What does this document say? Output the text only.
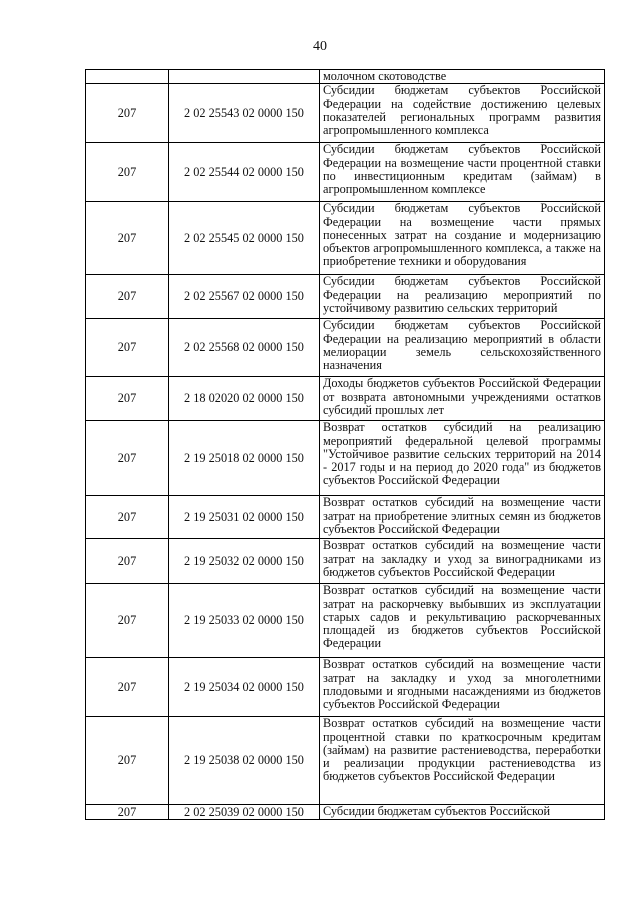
40
		молочном скотоводстве
207	2 02 25543 02 0000 150	Субсидии бюджетам субъектов Российской Федерации на содействие достижению целевых показателей региональных программ развития агропромышленного комплекса
207	2 02 25544 02 0000 150	Субсидии бюджетам субъектов Российской Федерации на возмещение части процентной ставки по инвестиционным кредитам (займам) в агропромышленном комплексе
207	2 02 25545 02 0000 150	Субсидии бюджетам субъектов Российской Федерации на возмещение части прямых понесенных затрат на создание и модернизацию объектов агропромышленного комплекса, а также на приобретение техники и оборудования
207	2 02 25567 02 0000 150	Субсидии бюджетам субъектов Российской Федерации на реализацию мероприятий по устойчивому развитию сельских территорий
207	2 02 25568 02 0000 150	Субсидии бюджетам субъектов Российской Федерации на реализацию мероприятий в области мелиорации земель сельскохозяйственного назначения
207	2 18 02020 02 0000 150	Доходы бюджетов субъектов Российской Федерации от возврата автономными учреждениями остатков субсидий прошлых лет
207	2 19 25018 02 0000 150	Возврат остатков субсидий на реализацию мероприятий федеральной целевой программы "Устойчивое развитие сельских территорий на 2014 - 2017 годы и на период до 2020 года" из бюджетов субъектов Российской Федерации
207	2 19 25031 02 0000 150	Возврат остатков субсидий на возмещение части затрат на приобретение элитных семян из бюджетов субъектов Российской Федерации
207	2 19 25032 02 0000 150	Возврат остатков субсидий на возмещение части затрат на закладку и уход за виноградниками из бюджетов субъектов Российской Федерации
207	2 19 25033 02 0000 150	Возврат остатков субсидий на возмещение части затрат на раскорчевку выбывших из эксплуатации старых садов и рекультивацию раскорчеванных площадей из бюджетов субъектов Российской Федерации
207	2 19 25034 02 0000 150	Возврат остатков субсидий на возмещение части затрат на закладку и уход за многолетними плодовыми и ягодными насаждениями из бюджетов субъектов Российской Федерации
207	2 19 25038 02 0000 150	Возврат остатков субсидий на возмещение части процентной ставки по краткосрочным кредитам (займам) на развитие растениеводства, переработки и реализации продукции растениеводства из бюджетов субъектов Российской Федерации
207	2 02 25039 02 0000 150	Субсидии бюджетам субъектов Российской
